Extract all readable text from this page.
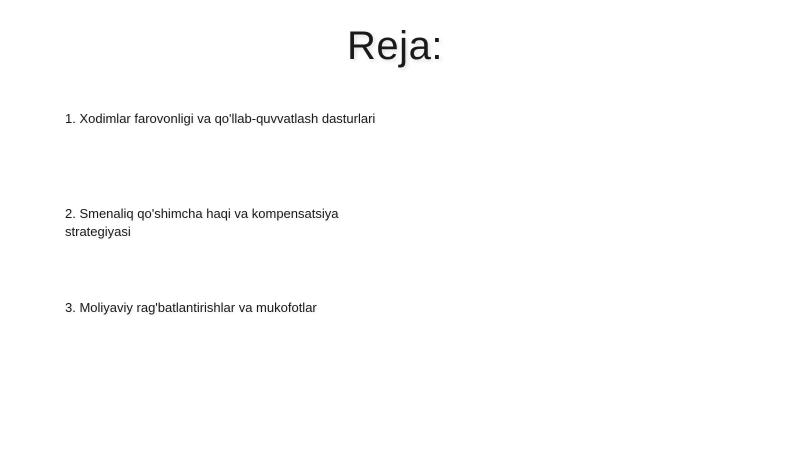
Reja:

1. Xodimlar farovonligi va qo'llab-quvvatlash dasturlari

2. Smenaliq qo'shimcha haqi va kompensatsiya strategiyasi

3. Moliyaviy rag'batlantirishlar va mukofotlar
